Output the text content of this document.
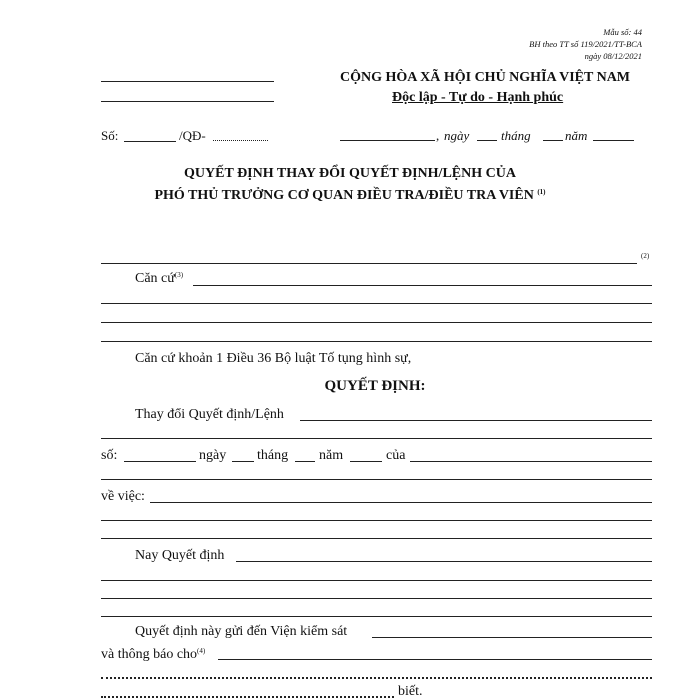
Mẫu số: 44
BH theo TT số 119/2021/TT-BCA
ngày 08/12/2021
CỘNG HÒA XÃ HỘI CHỦ NGHĨA VIỆT NAM
Độc lập - Tự do - Hạnh phúc
Số:	/QĐ-	, ngày tháng	năm
QUYẾT ĐỊNH THAY ĐỔI QUYẾT ĐỊNH/LỆNH CỦA
PHÓ THỦ TRƯỞNG CƠ QUAN ĐIỀU TRA/ĐIỀU TRA VIÊN $^{(1)}$
(2)
Căn cứ$^{(3)}$
Căn cứ khoản 1 Điều 36 Bộ luật Tố tụng hình sự,
QUYẾT ĐỊNH:
Thay đổi Quyết định/Lệnh
số:	ngày tháng năm	của
về việc:
Nay Quyết định
Quyết định này gửi đến Viện kiểm sát
và thông báo cho$^{(4)}$
biết.
